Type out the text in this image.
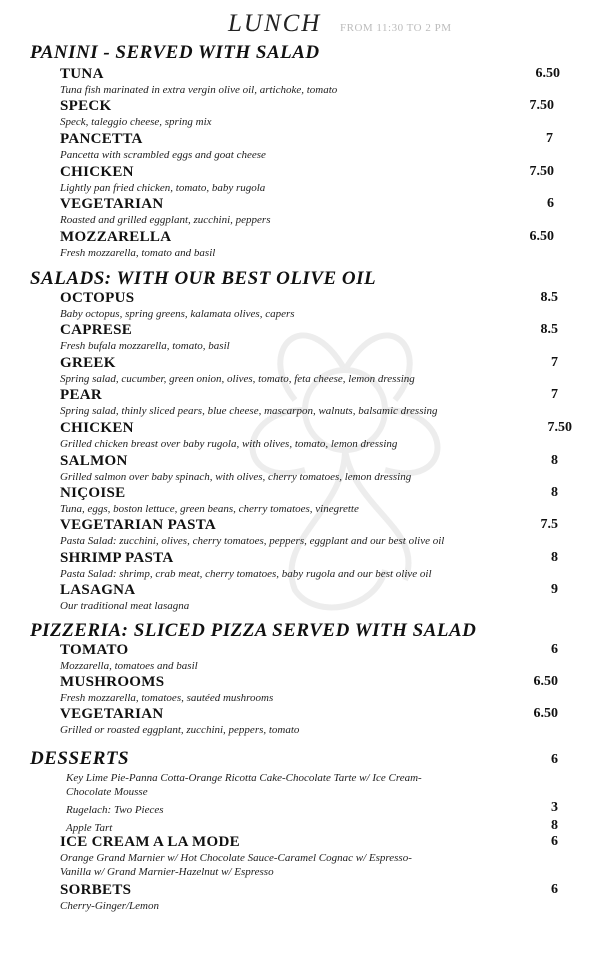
LUNCH FROM 11:30 TO 2 PM
PANINI - SERVED WITH SALAD
TUNA	6.50
Tuna fish marinated in extra vergin olive oil, artichoke, tomato
SPECK	7.50
Speck, taleggio cheese, spring mix
PANCETTA	7
Pancetta with scrambled eggs and goat cheese
CHICKEN	7.50
Lightly pan fried chicken, tomato, baby rugola
VEGETARIAN	6
Roasted and grilled eggplant, zucchini, peppers
MOZZARELLA	6.50
Fresh mozzarella, tomato and basil
SALADS: WITH OUR BEST OLIVE OIL
OCTOPUS	8.5
Baby octopus, spring greens, kalamata olives, capers
CAPRESE	8.5
Fresh bufala mozzarella, tomato, basil
GREEK	7
Spring salad, cucumber, green onion, olives, tomato, feta cheese, lemon dressing
PEAR	7
Spring salad, thinly sliced pears, blue cheese, mascarpon, walnuts, balsamic dressing
CHICKEN	7.50
Grilled chicken breast over baby rugola, with olives, tomato, lemon dressing
SALMON	8
Grilled salmon over baby spinach, with olives, cherry tomatoes, lemon dressing
NIÇOISE	8
Tuna, eggs, boston lettuce, green beans, cherry tomatoes, vinegrette
VEGETARIAN PASTA	7.5
Pasta Salad: zucchini, olives, cherry tomatoes, peppers, eggplant and our best olive oil
SHRIMP PASTA	8
Pasta Salad: shrimp, crab meat, cherry tomatoes, baby rugola and our best olive oil
LASAGNA	9
Our traditional meat lasagna
PIZZERIA: SLICED PIZZA SERVED WITH SALAD
TOMATO	6
Mozzarella, tomatoes and basil
MUSHROOMS	6.50
Fresh mozzarella, tomatoes, sautéed mushrooms
VEGETARIAN	6.50
Grilled or roasted eggplant, zucchini, peppers, tomato
DESSERTS	6
Key Lime Pie-Panna Cotta-Orange Ricotta Cake-Chocolate Tarte w/ Ice Cream-
Chocolate Mousse
Rugelach: Two Pieces	3
Apple Tart	8
ICE CREAM A LA MODE	6
Orange Grand Marnier w/ Hot Chocolate Sauce-Caramel Cognac w/ Espresso-
Vanilla w/ Grand Marnier-Hazelnut w/ Espresso
SORBETS	6
Cherry-Ginger/Lemon
